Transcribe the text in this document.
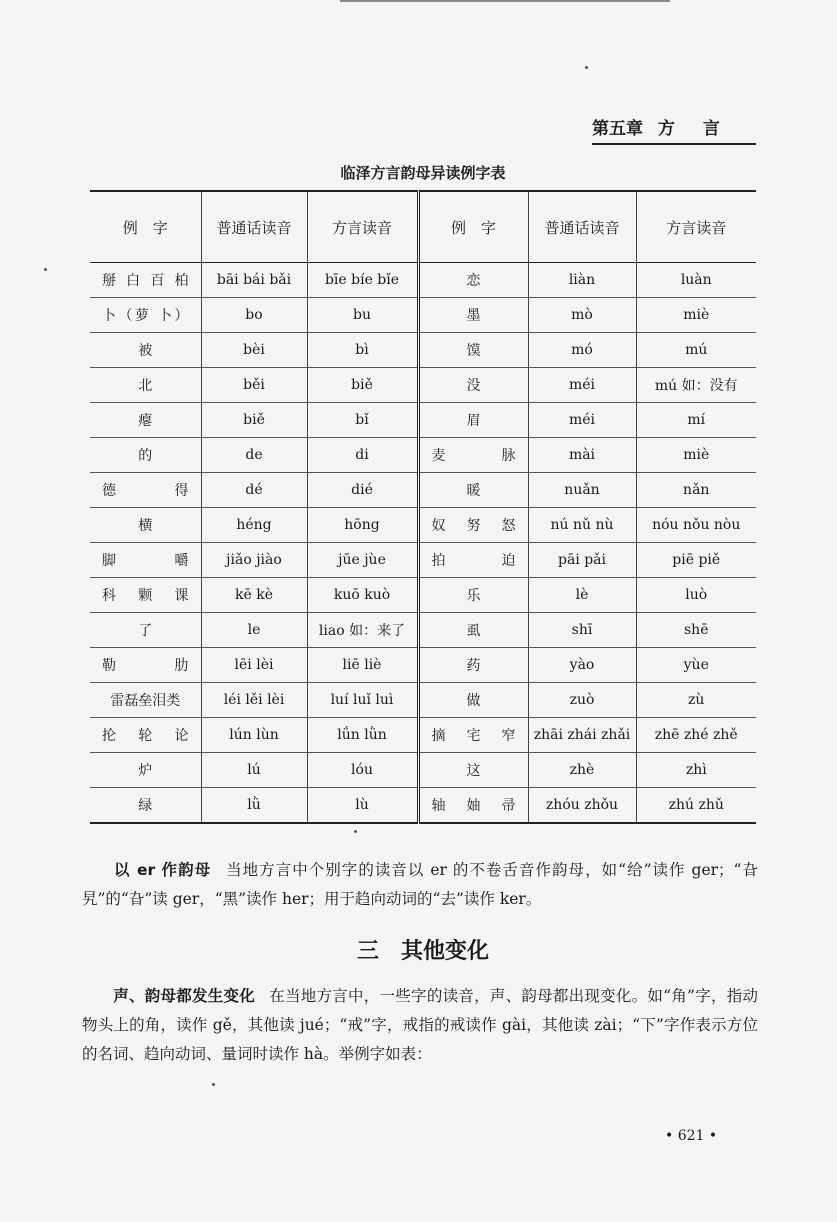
第五章 方言
临泽方言韵母异读例字表
例　字	普通话读音	方言读音	例　字	普通话读音	方言读音
掰 白 百 柏	bāi bái bǎi	bīe bíe bǐe	恋	liàn	luàn
卜（萝 卜）	bo	bu	墨	mò	miè
被	bèi	bì	馍	mó	mú
北	běi	biě	没	méi	mú 如：没有
瘪	biě	bǐ	眉	méi	mí
的	de	di	麦　　脉	mài	miè
德　　得	dé	dié	暖	nuǎn	nǎn
横	héng	hōng	奴　努　怒	nú nǔ nù	nóu nǒu nòu
脚　　嚼	jiǎo jiào	jūe jùe	拍　　迫	pāi pǎi	piē piě
科　颗　课	kē kè	kuō kuò	乐	lè	luò
了	le	liao 如：来了	虱	shī	shē
勒　　肋	lēi lèi	liē liè	药	yào	yùe
雷磊垒泪类	léi lěi lèi	luí luǐ luì	做	zuò	zù
抡　轮　论	lún lùn	lǘn lǜn	摘　宅　窄	zhāi zhái zhǎi	zhē zhé zhě
炉	lú	lóu	这	zhè	zhì
绿	lǜ	lù	轴　妯　帚	zhóu zhǒu	zhú zhǔ
以 er 作韵母 当地方言中个别字的读音以 er 的不卷舌音作韵母，如“给”读作 ger；“旮旯”的“旮”读 ger，“黑”读作 her；用于趋向动词的“去”读作 ker。
三 其他变化
声、韵母都发生变化 在当地方言中，一些字的读音，声、韵母都出现变化。如“角”字，指动物头上的角，读作 gě，其他读 jué；“戒”字，戒指的戒读作 gài，其他读 zài；“下”字作表示方位的名词、趋向动词、量词时读作 hà。举例字如表：
• 621 •
